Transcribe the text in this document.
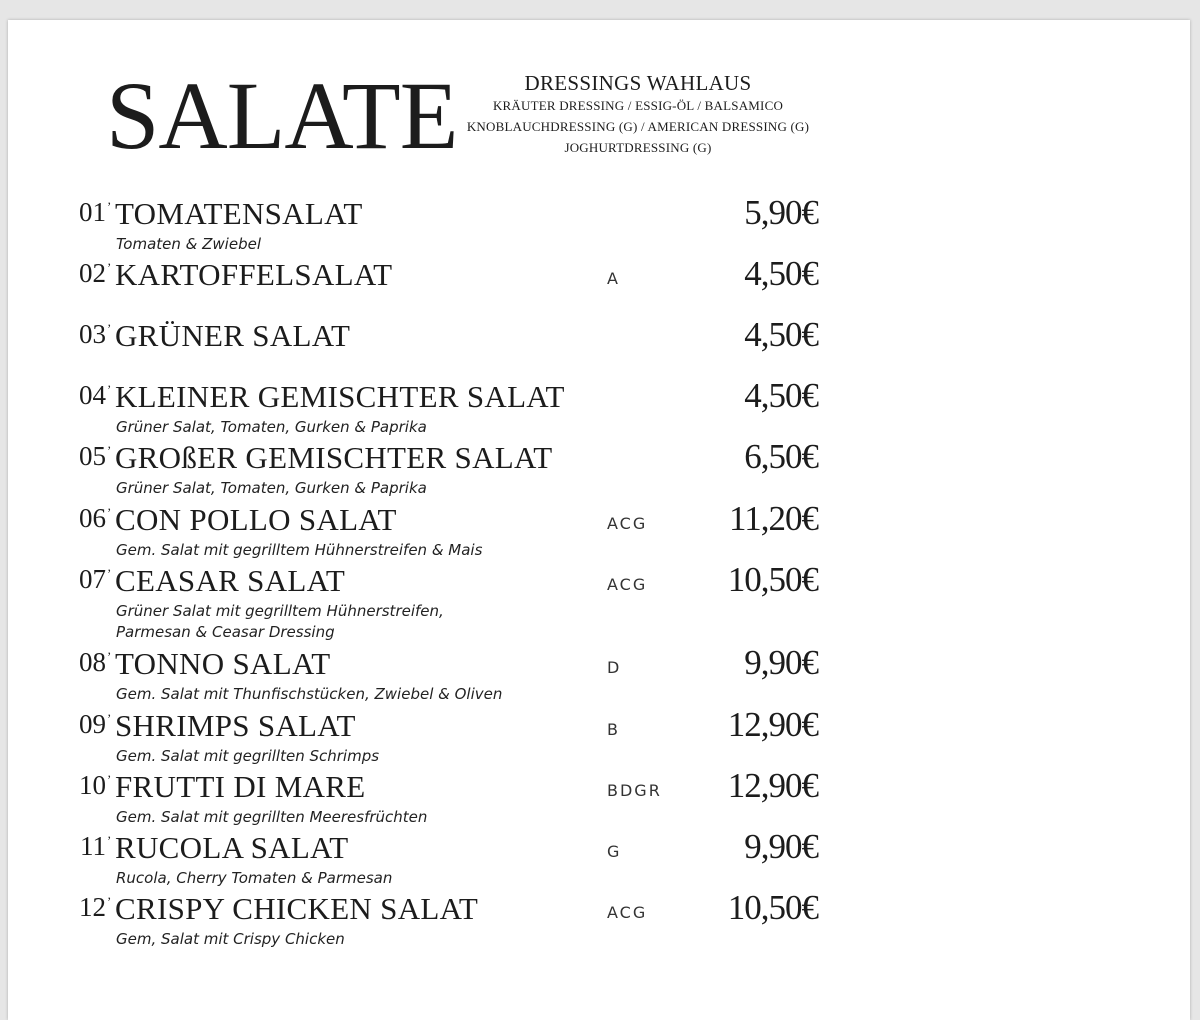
SALATE	DRESSINGS WAHLAUS
KRÄUTER DRESSING / ESSIG-ÖL / BALSAMICO
KNOBLAUCHDRESSING (G) / AMERICAN DRESSING (G)
JOGHURTDRESSING (G)
01 ’ TOMATENSALAT
Tomaten & Zwiebel
5,90€
02 ’ KARTOFFELSALAT	A	4,50€
03 ’ GRÜNER SALAT	4,50€
04 ’ KLEINER GEMISCHTER SALAT
Grüner Salat, Tomaten, Gurken & Paprika
4,50€
05 ’ GROßER GEMISCHTER SALAT
Grüner Salat, Tomaten, Gurken & Paprika
6,50€
06 ’ CON POLLO SALAT
Gem. Salat mit gegrilltem Hühnerstreifen & Mais
ACG	11,20€
07 ’ CEASAR SALAT
Grüner Salat mit gegrilltem Hühnerstreifen,
Parmesan & Ceasar Dressing
ACG	10,50€
08 ’ TONNO SALAT
Gem. Salat mit Thunfischstücken, Zwiebel & Oliven
D	9,90€
09 ’ SHRIMPS SALAT
Gem. Salat mit gegrillten Schrimps
B	12,90€
10 ’ FRUTTI DI MARE
Gem. Salat mit gegrillten Meeresfrüchten
BDGR	12,90€
11 ’ RUCOLA SALAT
Rucola, Cherry Tomaten & Parmesan
G	9,90€
12 ’ CRISPY CHICKEN SALAT
Gem, Salat mit Crispy Chicken
ACG	10,50€
